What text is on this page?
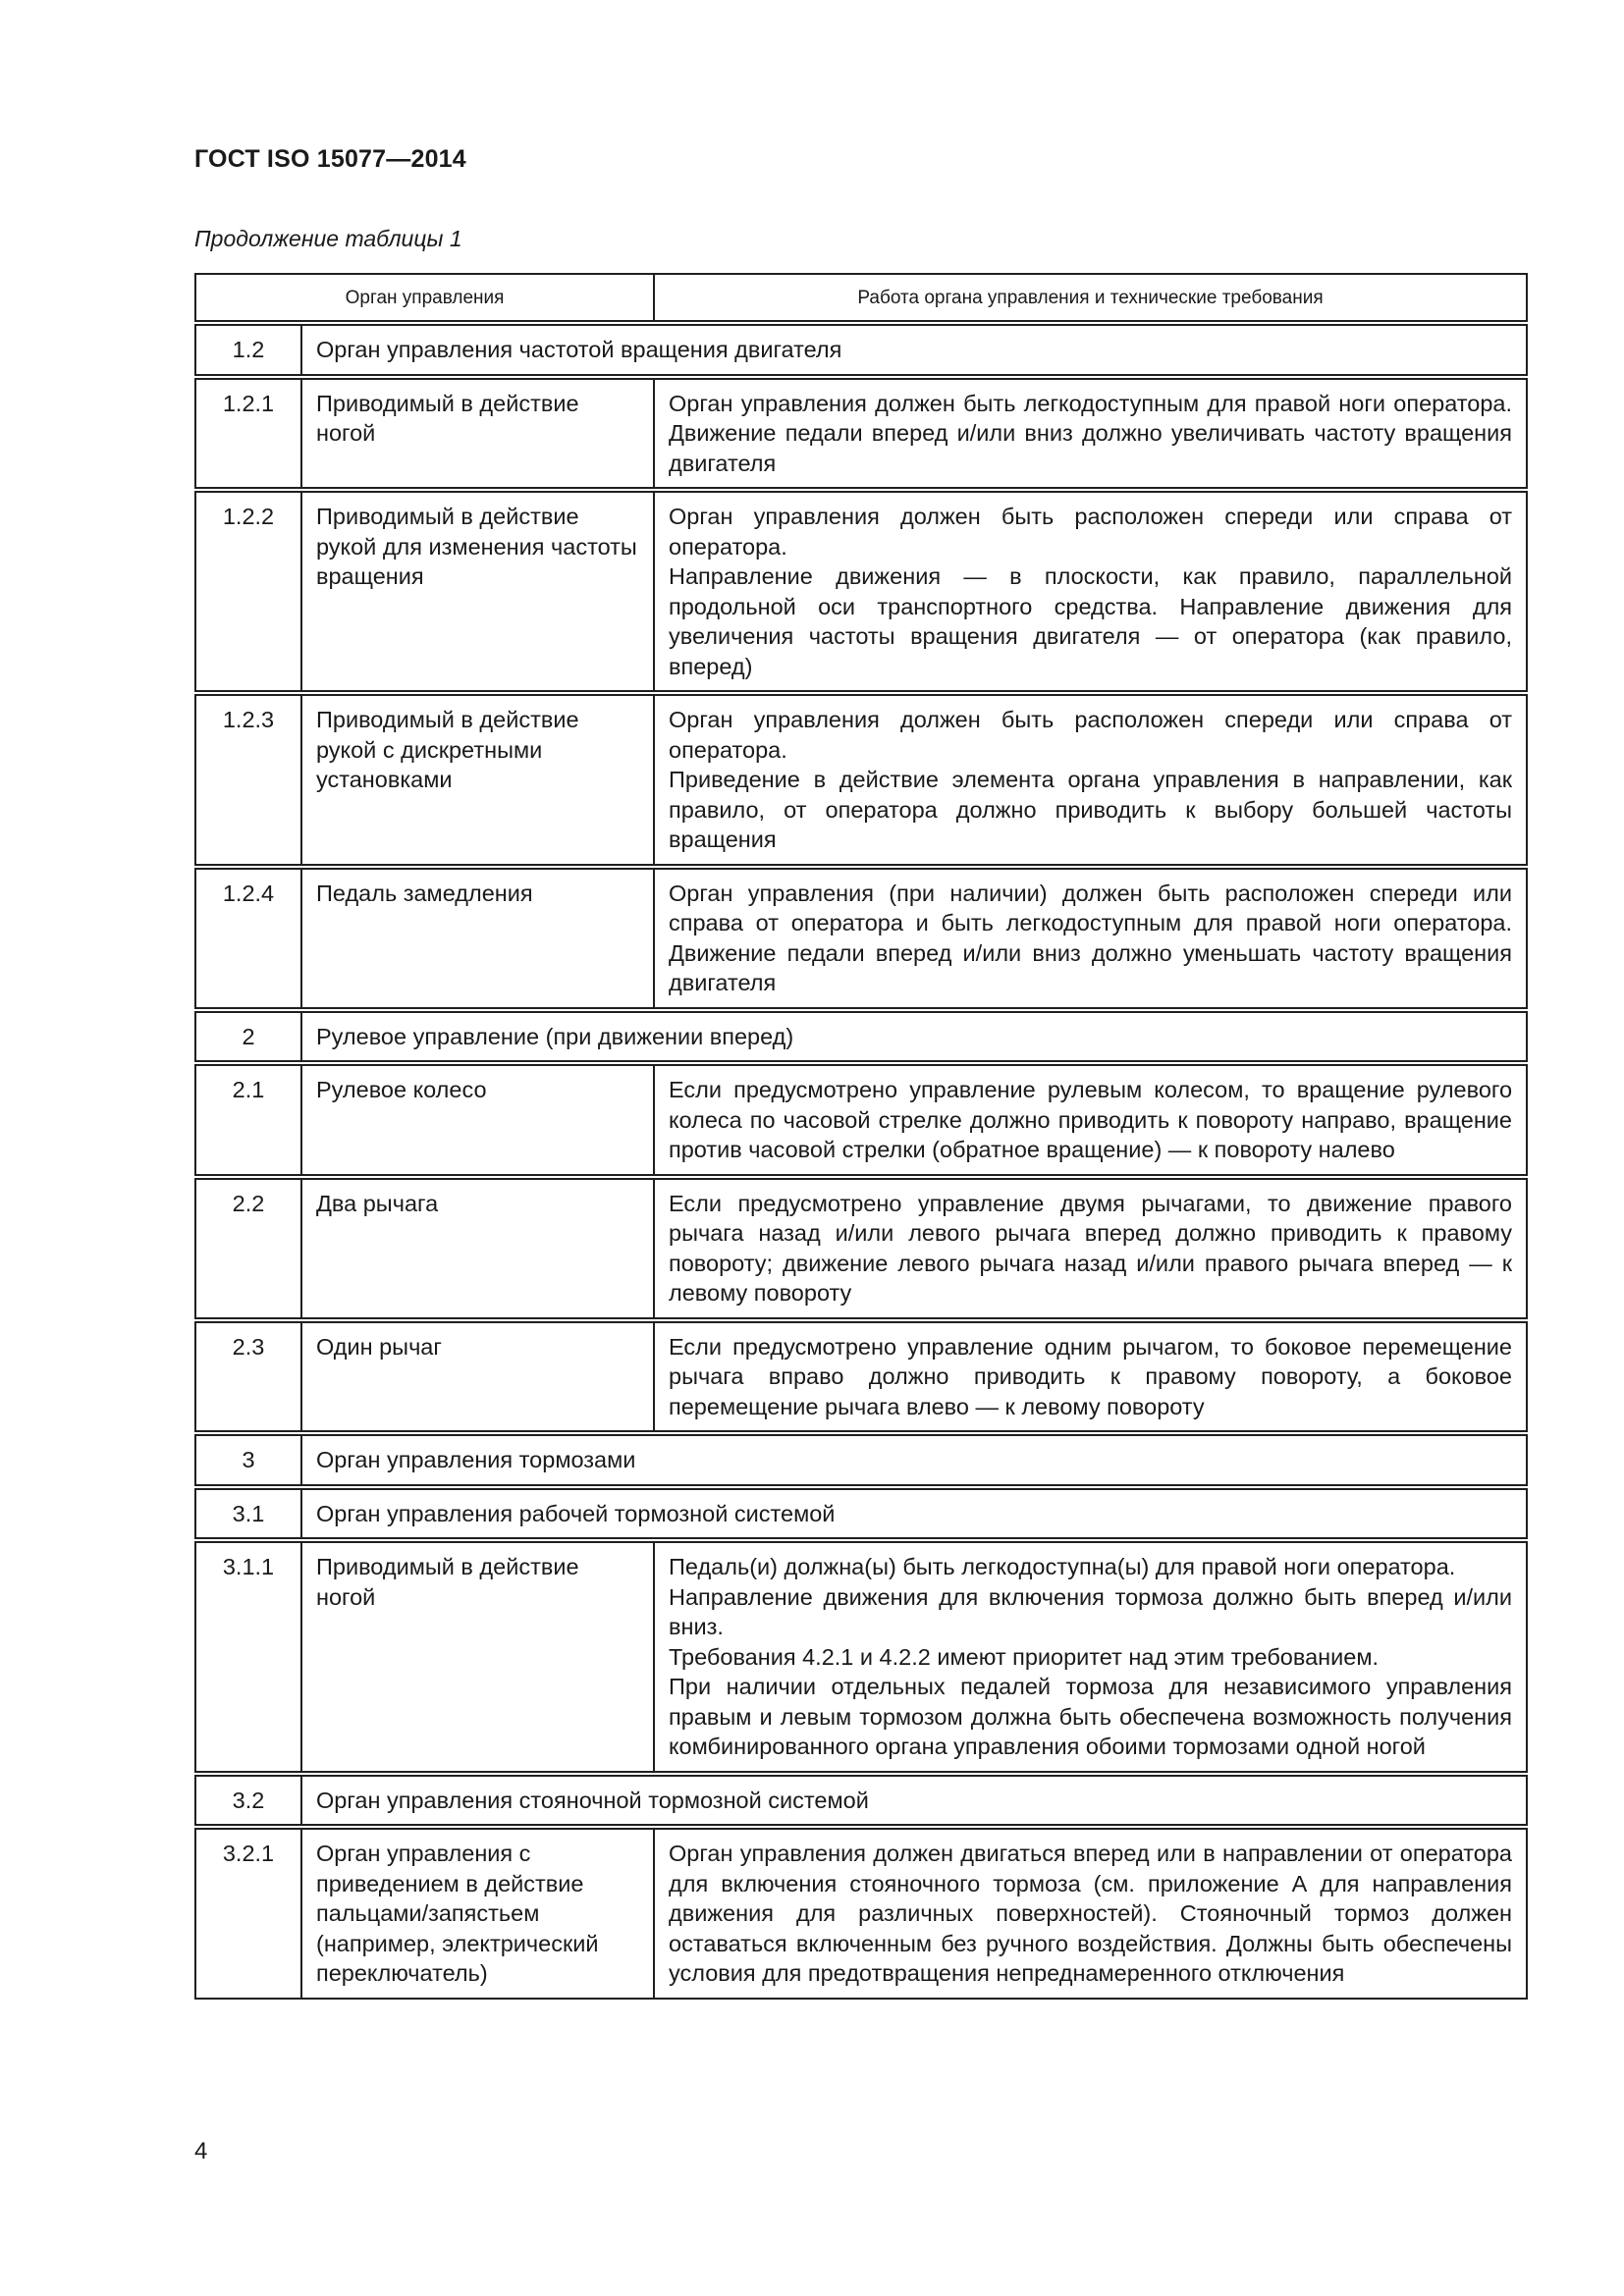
ГОСТ ISO 15077—2014
Продолжение таблицы 1
Орган управления		Работа органа управления и технические требования
1.2	Орган управления частотой вращения двигателя	
1.2.1	Приводимый в действие ногой	Орган управления должен быть легкодоступным для правой ноги оператора. Движение педали вперед и/или вниз должно увеличивать частоту вращения двигателя

1.2.2	Приводимый в действие рукой для изменения частоты вращения	Орган управления должен быть расположен спереди или справа от оператора.

Направление движения — в плоскости, как правило, параллельной продольной оси транспортного средства. Направление движения для увеличения частоты вращения двигателя — от оператора (как правило, вперед)

1.2.3	Приводимый в действие рукой с дискретными установками	Орган управления должен быть расположен спереди или справа от оператора.

Приведение в действие элемента органа управления в направлении, как правило, от оператора должно приводить к выбору большей частоты вращения

1.2.4	Педаль замедления	Орган управления (при наличии) должен быть расположен спереди или справа от оператора и быть легкодоступным для правой ноги оператора. Движение педали вперед и/или вниз должно уменьшать частоту вращения двигателя

2	Рулевое управление (при движении вперед)	
2.1	Рулевое колесо	Если предусмотрено управление рулевым колесом, то вращение рулевого колеса по часовой стрелке должно приводить к повороту направо, вращение против часовой стрелки (обратное вращение) — к повороту налево

2.2	Два рычага	Если предусмотрено управление двумя рычагами, то движение правого рычага назад и/или левого рычага вперед должно приводить к правому повороту; движение левого рычага назад и/или правого рычага вперед — к левому повороту

2.3	Один рычаг	Если предусмотрено управление одним рычагом, то боковое перемещение рычага вправо должно приводить к правому повороту, а боковое перемещение рычага влево — к левому повороту

3	Орган управления тормозами	
3.1	Орган управления рабочей тормозной системой	
3.1.1	Приводимый в действие ногой	Педаль(и) должна(ы) быть легкодоступна(ы) для правой ноги оператора.

Направление движения для включения тормоза должно быть вперед и/или вниз.

Требования 4.2.1 и 4.2.2 имеют приоритет над этим требованием.

При наличии отдельных педалей тормоза для независимого управления правым и левым тормозом должна быть обеспечена возможность получения комбинированного органа управления обоими тормозами одной ногой

3.2	Орган управления стояночной тормозной системой	
3.2.1	Орган управления с приведением в действие пальцами/запястьем (например, электрический переключатель)	Орган управления должен двигаться вперед или в направлении от оператора для включения стояночного тормоза (см. приложение А для направления движения для различных поверхностей). Стояночный тормоз должен оставаться включенным без ручного воздействия. Должны быть обеспечены условия для предотвращения непреднамеренного отключения

4
